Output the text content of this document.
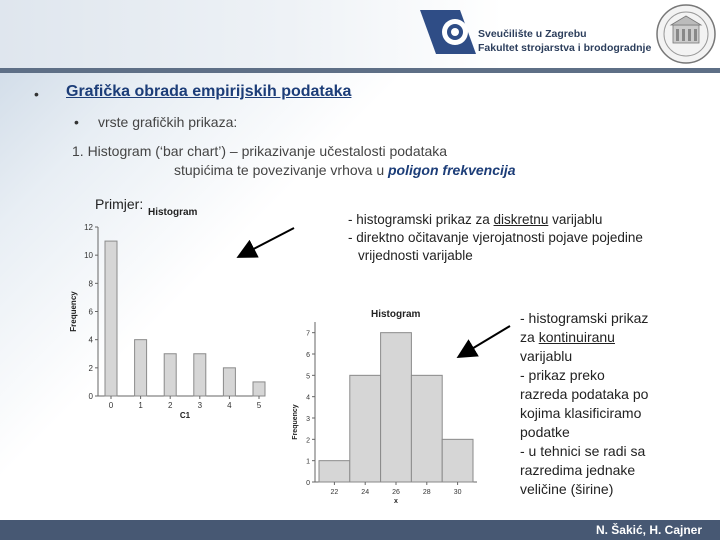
Sveučilište u Zagrebu
Fakultet strojarstva i brodogradnje
• Grafička obrada empirijskih podataka
• vrste grafičkih prikaza:
1. Histogram (‘bar chart’) – prikazivanje učestalosti podataka
stupićima te povezivanje vrhova u poligon frekvencija
Histogram
0
2
4
6
8
10
12
0	1	2	3	4	5
C1
Frequency
Primjer:
Histogram
0
1
2
3
4
5
6
7
22	24	26	28	30
x
Frequency
- histogramski prikaz za diskretnu varijablu
- direktno očitavanje vjerojatnosti pojave pojedine
vrijednosti varijable
- histogramski prikaz
za kontinuiranu
varijablu
- prikaz preko
razreda podataka po
kojima klasificiramo
podatke
- u tehnici se radi sa
razredima jednake
veličine (širine)
N. Šakić, H. Cajner
